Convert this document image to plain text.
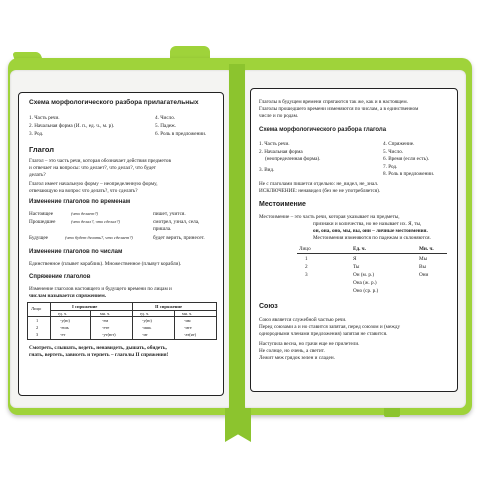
Схема морфологического разбора прилагательных
1. Часть речи.
2. Начальная форма (И. п., ед. ч., м. р).
3. Род.
4. Число.
5. Падеж.
6. Роль в предложении.
Глагол
Глагол – это часть речи, которая обозначает действия предметов
и отвечает на вопросы: что делает?, что делал?, что будет
делать?
Глагол имеет начальную форму – неопределенную форму,
отвечающую на вопрос что делать?, что сделать?
Изменение глаголов по временам
Настоящее	(что делает?)	пишет, учится.
Прошедшее	(что делал?, что сделал?)	смотрел, узнал, села,
пришла.
Будущее	(что будет делать?, что сделает?)	будет верить, принесет.
Изменение глаголов по числам
Единственное (плывет кораблик). Множественное (плывут корабли).
Спряжение глаголов
Изменение глаголов настоящего и будущего времени по лицам и
числам называется спряжением.
Лицо	I спряжение	II спряжение
ед. ч.	мн. ч.	ед. ч.	мн. ч.
1	-у(ю)	-ем	-у(ю)	-им
2	-ешь	-ете	-ишь	-ите
3	-ет	-ут(ют)	-ит	-ат(ят)
Смотреть, слышать, ведеть, ненавидеть, дышать, обидеть,
гнать, вертеть, зависеть и терпеть – глаголы II спряжения!
Глаголы в будущем времени спрягаются так же, как и в настоящем.
Глаголы прошедшего времени изменяются по числам, а в единственном
числе и по родам.
Схема морфологического разбора глагола
1. Часть речи.
2. Начальная форма
(неопределенная форма).
3. Вид.
4. Спряжение.
5. Число.
6. Время (если есть).
7. Род.
8. Роль в предложении.
Не с глаголами пишется отдельно: не_видел, не_знал.
ИСКЛЮЧЕНИЕ: ненавидел (без не не употребляется).
Местоимение
Местоимение – это часть речи, которая указывает на предметы,
признаки и количества, но не называет их. Я, ты,
он, она, оно, мы, вы, они – личные местоимения.
Местоимения изменяются по падежам и склоняются.
Лицо	Ед. ч.	Мн. ч.
1	Я	Мы
2	Ты	Вы
3	Он (м. р.)	Они
Она (ж. р.)
Оно (ср. р.)
Союз
Союз является служебной частью речи.
Перед союзами а и но ставится запятая, перед союзом и (между
однородными членами предложения) запятая не ставится.
Наступила весна, но грачи еще не прилетели.
Не солнце, но очень, а светит.
Лежит меж грядок зелен и сладен.
